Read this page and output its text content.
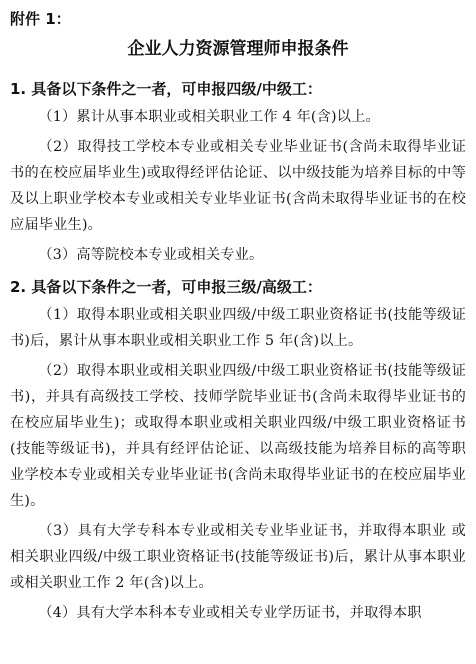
附件 1：

企业人力资源管理师申报条件
1. 具备以下条件之一者，可申报四级/中级工：

（1）累计从事本职业或相关职业工作 4 年(含)以上。

（2）取得技工学校本专业或相关专业毕业证书(含尚未取得毕业证书的在校应届毕业生)或取得经评估论证、以中级技能为培养目标的中等及以上职业学校本专业或相关专业毕业证书(含尚未取得毕业证书的在校应届毕业生)。

（3）高等院校本专业或相关专业。

2. 具备以下条件之一者，可申报三级/高级工：

（1）取得本职业或相关职业四级/中级工职业资格证书(技能等级证书)后，累计从事本职业或相关职业工作 5 年(含)以上。

（2）取得本职业或相关职业四级/中级工职业资格证书(技能等级证书)，并具有高级技工学校、技师学院毕业证书(含尚未取得毕业证书的在校应届毕业生)；或取得本职业或相关职业四级/中级工职业资格证书(技能等级证书)，并具有经评估论证、以高级技能为培养目标的高等职业学校本专业或相关专业毕业证书(含尚未取得毕业证书的在校应届毕业生)。

（3）具有大学专科本专业或相关专业毕业证书，并取得本职业 或相关职业四级/中级工职业资格证书(技能等级证书)后，累计从事本职业或相关职业工作 2 年(含)以上。

（4）具有大学本科本专业或相关专业学历证书，并取得本职
